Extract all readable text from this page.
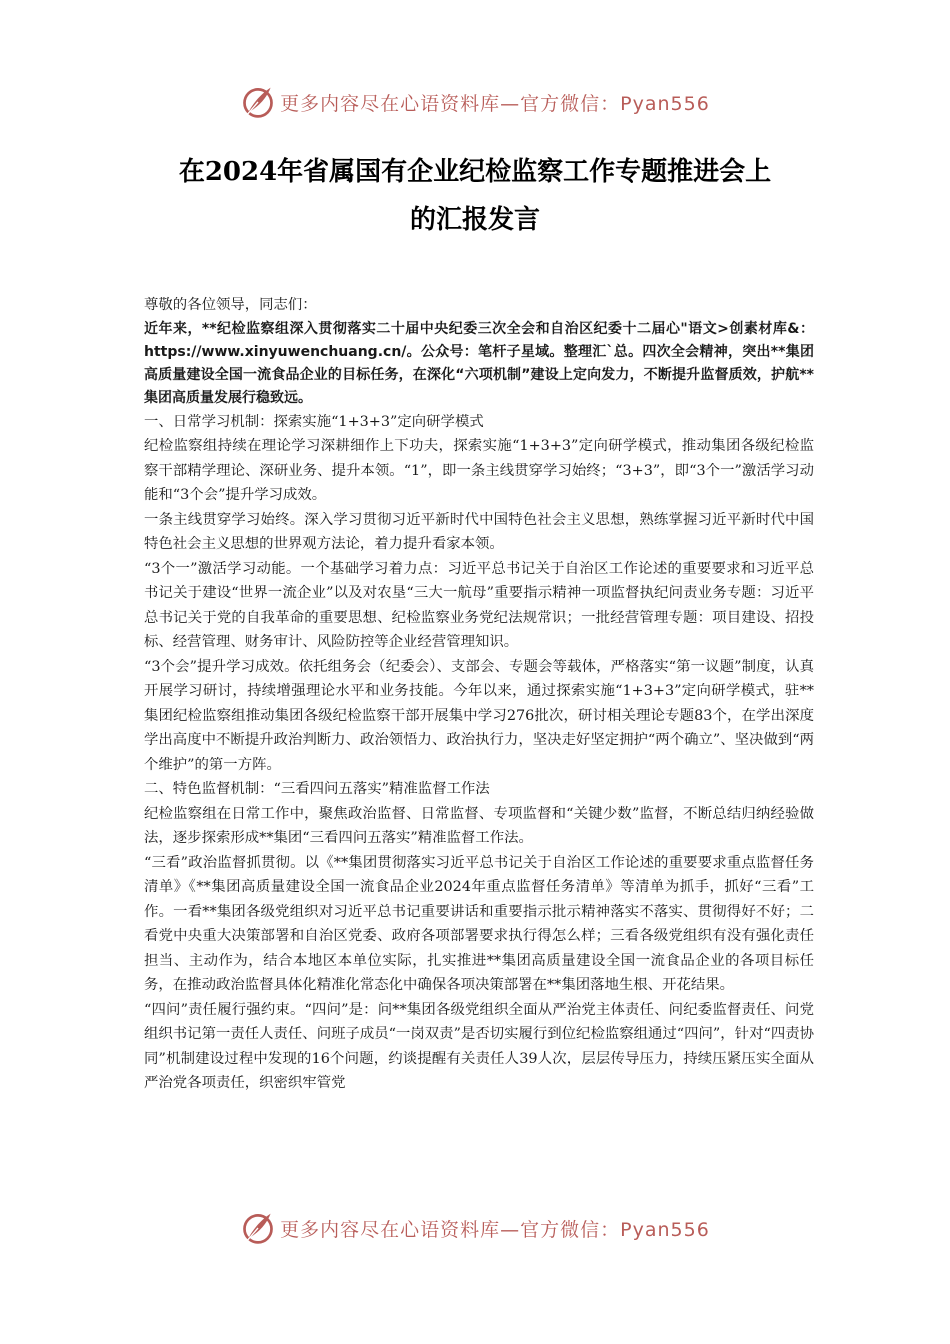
更多内容尽在心语资料库—官方微信：Pyan556
在2024年省属国有企业纪检监察工作专题推进会上
的汇报发言

尊敬的各位领导，同志们：

近年来，**纪检监察组深入贯彻落实二十届中央纪委三次全会和自治区纪委十二届心"语文>创素材库&：https://www.xinyuwenchuang.cn/。公众号：笔杆子星域。整理汇`总。四次全会精神，突出**集团高质量建设全国一流食品企业的目标任务，在深化“六项机制”建设上定向发力，不断提升监督质效，护航**集团高质量发展行稳致远。

一、日常学习机制：探索实施“1+3+3”定向研学模式

纪检监察组持续在理论学习深耕细作上下功夫，探索实施“1+3+3”定向研学模式，推动集团各级纪检监察干部精学理论、深研业务、提升本领。“1”，即一条主线贯穿学习始终；“3+3”，即“3个一”激活学习动能和“3个会”提升学习成效。

一条主线贯穿学习始终。深入学习贯彻习近平新时代中国特色社会主义思想，熟练掌握习近平新时代中国特色社会主义思想的世界观方法论，着力提升看家本领。

“3个一”激活学习动能。一个基础学习着力点：习近平总书记关于自治区工作论述的重要要求和习近平总书记关于建设“世界一流企业”以及对农垦“三大一航母”重要指示精神一项监督执纪问责业务专题：习近平总书记关于党的自我革命的重要思想、纪检监察业务党纪法规常识；一批经营管理专题：项目建设、招投标、经营管理、财务审计、风险防控等企业经营管理知识。

“3个会”提升学习成效。依托组务会（纪委会）、支部会、专题会等载体，严格落实“第一议题”制度，认真开展学习研讨，持续增强理论水平和业务技能。今年以来，通过探索实施“1+3+3”定向研学模式，驻**集团纪检监察组推动集团各级纪检监察干部开展集中学习276批次，研讨相关理论专题83个，在学出深度学出高度中不断提升政治判断力、政治领悟力、政治执行力，坚决走好坚定拥护“两个确立”、坚决做到“两个维护”的第一方阵。

二、特色监督机制：“三看四问五落实”精准监督工作法

纪检监察组在日常工作中，聚焦政治监督、日常监督、专项监督和“关键少数”监督，不断总结归纳经验做法，逐步探索形成**集团“三看四问五落实”精准监督工作法。

“三看”政治监督抓贯彻。以《**集团贯彻落实习近平总书记关于自治区工作论述的重要要求重点监督任务清单》《**集团高质量建设全国一流食品企业2024年重点监督任务清单》等清单为抓手，抓好“三看”工作。一看**集团各级党组织对习近平总书记重要讲话和重要指示批示精神落实不落实、贯彻得好不好；二看党中央重大决策部署和自治区党委、政府各项部署要求执行得怎么样；三看各级党组织有没有强化责任担当、主动作为，结合本地区本单位实际，扎实推进**集团高质量建设全国一流食品企业的各项目标任务，在推动政治监督具体化精准化常态化中确保各项决策部署在**集团落地生根、开花结果。

“四问”责任履行强约束。“四问”是：问**集团各级党组织全面从严治党主体责任、问纪委监督责任、问党组织书记第一责任人责任、问班子成员“一岗双责”是否切实履行到位纪检监察组通过“四问”，针对“四责协同”机制建设过程中发现的16个问题，约谈提醒有关责任人39人次，层层传导压力，持续压紧压实全面从严治党各项责任，织密织牢管党

更多内容尽在心语资料库—官方微信：Pyan556
